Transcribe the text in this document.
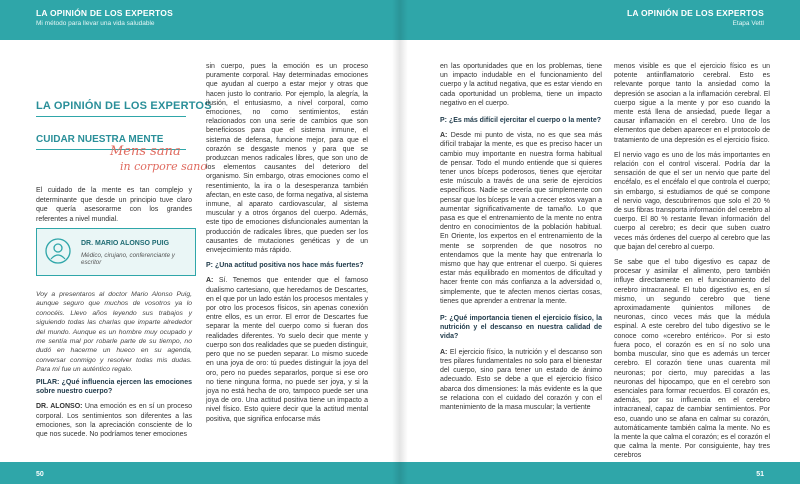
LA OPINIÓN DE LOS EXPERTOS
Mi método para llevar una vida saludable
LA OPINIÓN DE LOS EXPERTOS
CUIDAR NUESTRA MENTE
Mens sana
in corpore sano
El cuidado de la mente es tan complejo y determinante que desde un principio tuve claro que quería asesorarme con los grandes referentes a nivel mundial.
DR. MARIO ALONSO PUIG
Médico, cirujano, conferenciante y escritor
Voy a presentaros al doctor Mario Alonso Puig, aunque seguro que muchos de vosotros ya lo conocéis. Llevo años leyendo sus trabajos y siguiendo todas las charlas que imparte alrededor del mundo. Aunque es un hombre muy ocupado y me sentía mal por robarle parte de su tiempo, no dudó en hacerme un hueco en su agenda, conversar conmigo y resolver todas mis dudas. Para mí fue un auténtico regalo.

PILAR: ¿Qué influencia ejercen las emociones sobre nuestro cuerpo?

DR. ALONSO: Una emoción es en sí un proceso corporal. Los sentimientos son diferentes a las emociones, son la apreciación consciente de lo que nos sucede. No podríamos tener emociones

sin cuerpo, pues la emoción es un proceso puramente corporal. Hay determinadas emociones que ayudan al cuerpo a estar mejor y otras que hacen justo lo contrario. Por ejemplo, la alegría, la ilusión, el entusiasmo, a nivel corporal, como emociones, no como sentimientos, están relacionados con una serie de cambios que son beneficiosos para que el sistema inmune, el sistema de defensa, funcione mejor, para que el corazón se desgaste menos y para que se produzcan menos radicales libres, que son uno de los elementos causantes del deterioro del organismo. Sin embargo, otras emociones como el resentimiento, la ira o la desesperanza también afectan, en este caso, de forma negativa, al sistema inmune, al aparato cardiovascular, al sistema muscular y a otros órganos del cuerpo. Además, este tipo de emociones disfuncionales aumentan la producción de radicales libres, que pueden ser los causantes de mutaciones genéticas y de un envejecimiento más rápido.

P: ¿Una actitud positiva nos hace más fuertes?

A: Sí. Tenemos que entender que el famoso dualismo cartesiano, que heredamos de Descartes, en el que por un lado están los procesos mentales y por otro los procesos físicos, sin apenas conexión entre ellos, es un error. El error de Descartes fue separar la mente del cuerpo como si fueran dos realidades diferentes. Yo suelo decir que mente y cuerpo son dos realidades que se pueden distinguir, pero que no se pueden separar. Lo mismo sucede en una joya de oro: tú puedes distinguir la joya del oro, pero no puedes separarlos, porque si ese oro no tiene ninguna forma, no puede ser joya, y si la joya no está hecha de oro, tampoco puede ser una joya de oro. Una actitud positiva tiene un impacto a nivel físico. Esto quiere decir que la actitud mental positiva, que significa enfocarse más

50
LA OPINIÓN DE LOS EXPERTOS
Etapa Vettl

en las oportunidades que en los problemas, tiene un impacto indudable en el funcionamiento del cuerpo y la actitud negativa, que es estar viendo en cada oportunidad un problema, tiene un impacto negativo en el cuerpo.

P: ¿Es más difícil ejercitar el cuerpo o la mente?

A: Desde mi punto de vista, no es que sea más difícil trabajar la mente, es que es preciso hacer un cambio muy importante en nuestra forma habitual de pensar. Todo el mundo entiende que si quieres tener unos bíceps poderosos, tienes que ejercitar este músculo a través de una serie de ejercicios específicos. Nadie se creería que simplemente con pensar que los bíceps le van a crecer estos vayan a aumentar significativamente de tamaño. Lo que pasa es que el entrenamiento de la mente no entra dentro en conocimientos de la población habitual. En Oriente, los expertos en el entrenamiento de la mente se sorprenden de que nosotros no entendamos que la mente hay que entrenarla lo mismo que hay que entrenar el cuerpo. Si quieres estar más equilibrado en momentos de dificultad y hacer frente con más confianza a la adversidad o, simplemente, que te afecten menos ciertas cosas, tienes que aprender a entrenar la mente.

P: ¿Qué importancia tienen el ejercicio físico, la nutrición y el descanso en nuestra calidad de vida?

A: El ejercicio físico, la nutrición y el descanso son tres pilares fundamentales no solo para el bienestar del cuerpo, sino para tener un estado de ánimo adecuado. Esto se debe a que el ejercicio físico abarca dos dimensiones: la más evidente es la que se relaciona con el cuidado del corazón y con el mantenimiento de la masa muscular; la vertiente

menos visible es que el ejercicio físico es un potente antiinflamatorio cerebral. Esto es relevante porque tanto la ansiedad como la depresión se asocian a la inflamación cerebral. El cuerpo sigue a la mente y por eso cuando la mente está llena de ansiedad, puede llegar a causar inflamación en el cerebro. Uno de los elementos que deben aparecer en el protocolo de tratamiento de una depresión es el ejercicio físico.

El nervio vago es uno de los más importantes en relación con el control visceral. Podría dar la sensación de que el ser un nervio que parte del encéfalo, es el encéfalo el que controla el cuerpo; sin embargo, si estudiamos de qué se compone el nervio vago, descubriremos que solo el 20 % de sus fibras transporta información del cerebro al cuerpo. El 80 % restante llevan información del cuerpo al cerebro; es decir que suben cuatro veces más órdenes del cuerpo al cerebro que las que bajan del cerebro al cuerpo.

Se sabe que el tubo digestivo es capaz de procesar y asimilar el alimento, pero también influye directamente en el funcionamiento del cerebro intracraneal. El tubo digestivo es, en sí mismo, un segundo cerebro que tiene aproximadamente quinientos millones de neuronas, cinco veces más que la médula espinal. A este cerebro del tubo digestivo se le conoce como «cerebro entérico». Por si esto fuera poco, el corazón es en sí no solo una bomba muscular, sino que es además un tercer cerebro. El corazón tiene unas cuarenta mil neuronas; por cierto, muy parecidas a las neuronas del hipocampo, que en el cerebro son esenciales para formar recuerdos. El corazón es, además, por su influencia en el cerebro intracraneal, capaz de cambiar sentimientos. Por eso, cuando uno se afana en calmar su corazón, automáticamente también calma la mente. No es la mente la que calma el corazón; es el corazón el que calma la mente. Por consiguiente, hay tres cerebros

51
